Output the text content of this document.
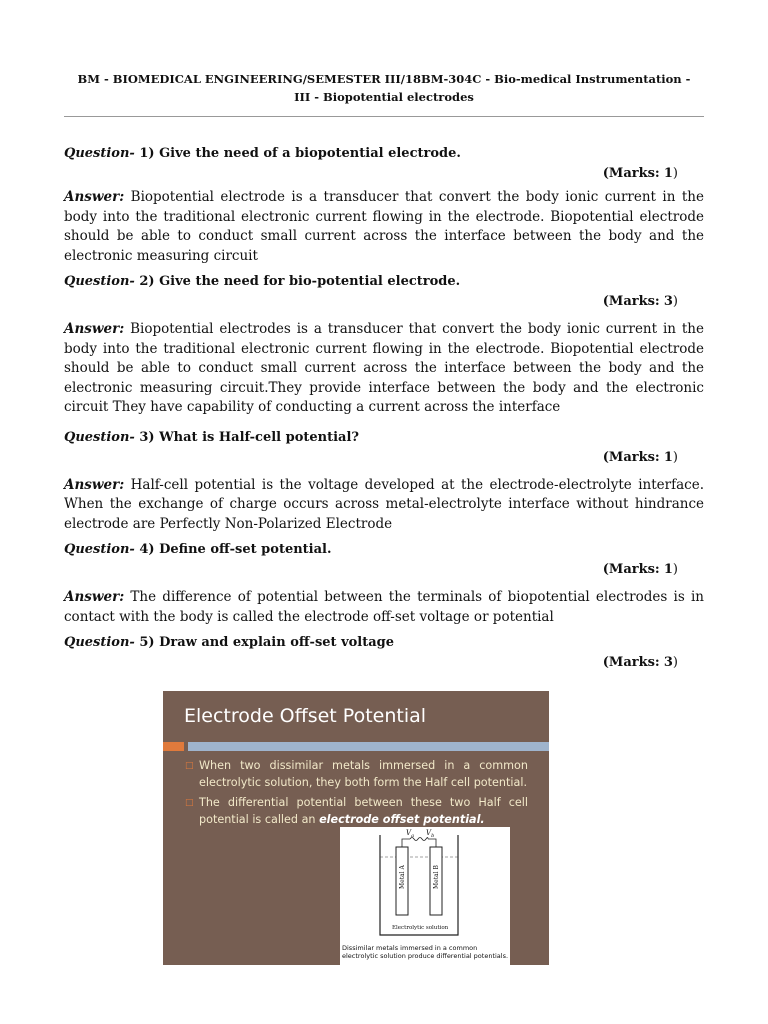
BM - BIOMEDICAL ENGINEERING/SEMESTER III/18BM-304C - Bio-medical Instrumentation -
III - Biopotential electrodes

Question- 1) Give the need of a biopotential electrode.

(Marks: 1)

Answer: Biopotential electrode is a transducer that convert the body ionic current in the body into the traditional electronic current flowing in the electrode. Biopotential electrode should be able to conduct small current across the interface between the body and the electronic measuring circuit

Question- 2) Give the need for bio-potential electrode.

(Marks: 3)

Answer: Biopotential electrodes is a transducer that convert the body ionic current in the body into the traditional electronic current flowing in the electrode. Biopotential electrode should be able to conduct small current across the interface between the body and the electronic measuring circuit.They provide interface between the body and the electronic circuit They have capability of conducting a current across the interface

Question- 3) What is Half-cell potential?

(Marks: 1)

Answer: Half-cell potential is the voltage developed at the electrode-electrolyte interface. When the exchange of charge occurs across metal-electrolyte interface without hindrance electrode are Perfectly Non-Polarized Electrode

Question- 4) Define off-set potential.

(Marks: 1)

Answer: The difference of potential between the terminals of biopotential electrodes is in contact with the body is called the electrode off-set voltage or potential

Question- 5) Draw and explain off-set voltage

(Marks: 3)

Electrode Offset Potential
□ When two dissimilar metals immersed in a common electrolytic solution, they both form the Half cell potential.
□ The differential potential between these two Half cell potential is called an electrode offset potential.
Metal A	Metal B
$V_a$ $V_b$
Electrolytic solution
Dissimilar metals immersed in a common electrolytic solution produce differential potentials.
